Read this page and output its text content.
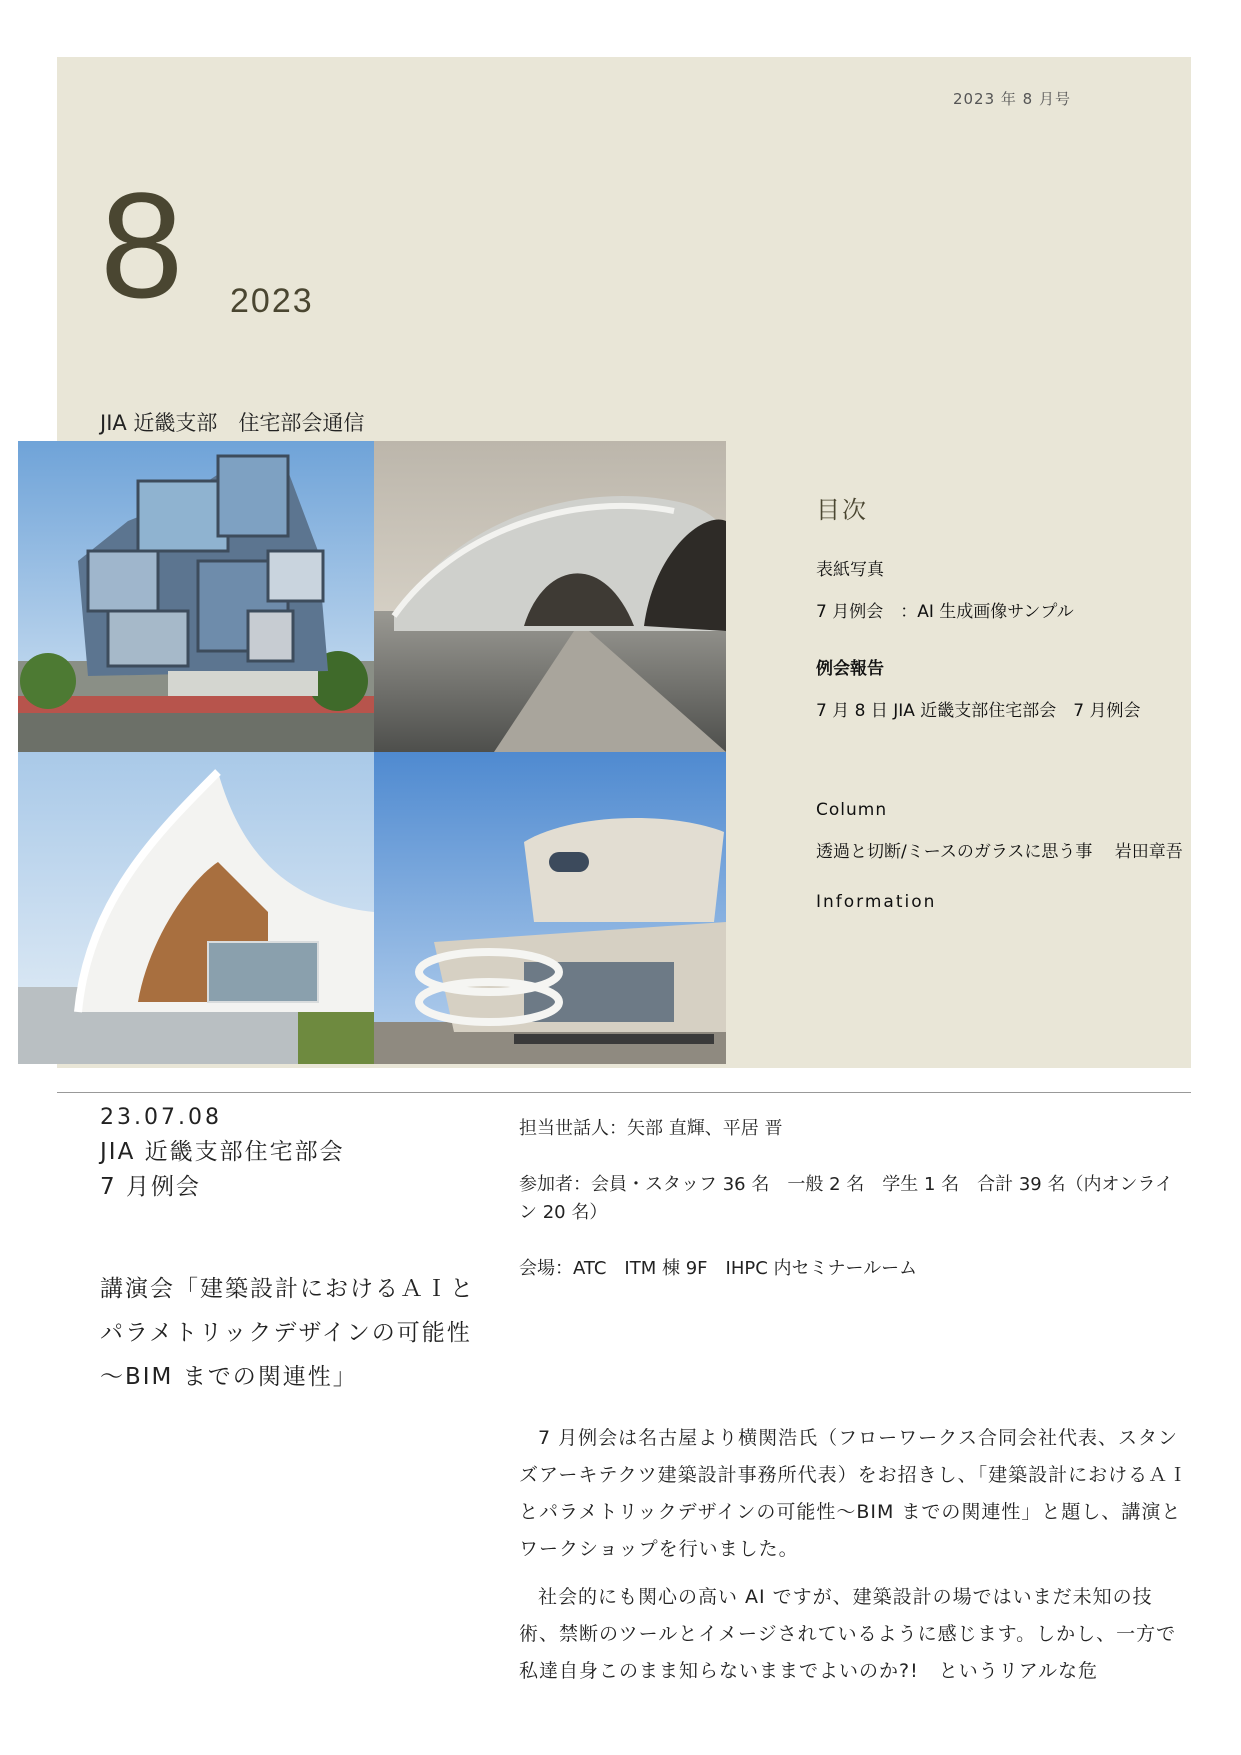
2023 年 8 月号
8 2023
JIA 近畿支部　住宅部会通信
目次
表紙写真
7 月例会　：AI 生成画像サンプル
例会報告
7 月 8 日 JIA 近畿支部住宅部会　7 月例会
Column
透過と切断/ミースのガラスに思う事　 岩田章吾
Information
23.07.08
JIA 近畿支部住宅部会
7 月例会
講演会「建築設計におけるＡＩとパラメトリックデザインの可能性～BIM までの関連性」
担当世話人：矢部 直輝、平居 晋
参加者：会員・スタッフ 36 名　一般 2 名　学生 1 名　合計 39 名（内オンライン 20 名）
会場：ATC　ITM 棟 9F　IHPC 内セミナールーム

7 月例会は名古屋より横関浩氏（フローワークス合同会社代表、スタンズアーキテクツ建築設計事務所代表）をお招きし、「建築設計におけるＡＩとパラメトリックデザインの可能性～BIM までの関連性」と題し、講演とワークショップを行いました。

社会的にも関心の高い AI ですが、建築設計の場ではいまだ未知の技術、禁断のツールとイメージされているように感じます。しかし、一方で私達自身このまま知らないままでよいのか?!　というリアルな危
